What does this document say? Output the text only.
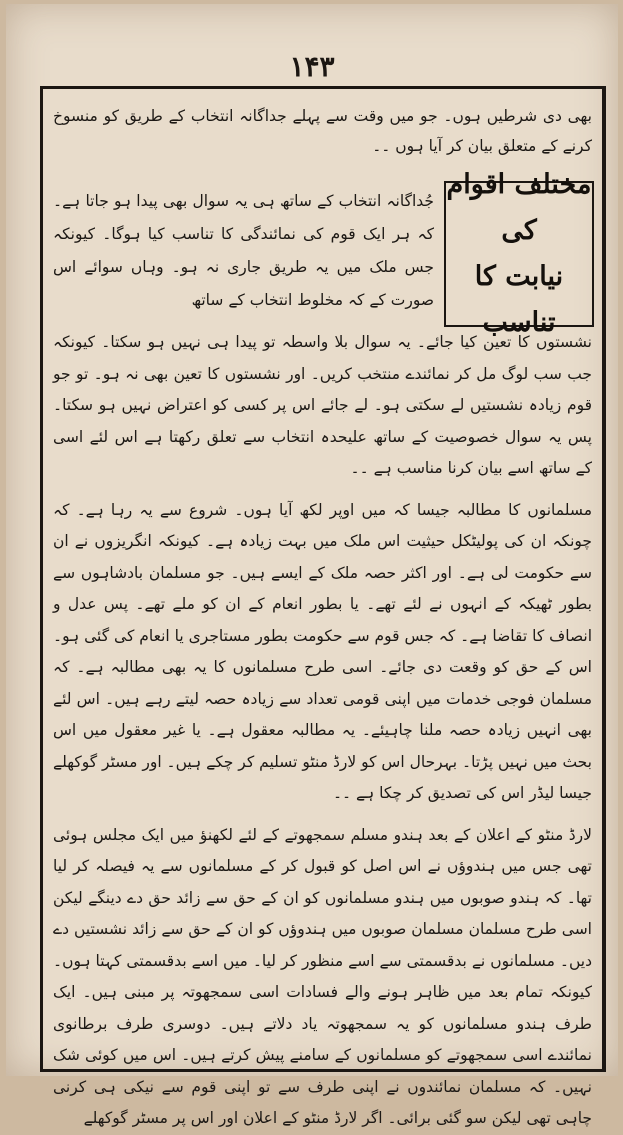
۱۴۳
بھی دی شرطیں ہوں۔ جو میں وقت سے پہلے جداگانہ انتخاب کے طریق کو منسوخ کرنے کے متعلق بیان کر آیا ہوں ۔۔
مختلف اقوام کی
نیابت کا تناسب
جُداگانہ انتخاب کے ساتھ ہی یہ سوال بھی پیدا ہو جاتا ہے۔ کہ ہر ایک قوم کی نمائندگی کا تناسب کیا ہوگا۔ کیونکہ جس ملک میں یہ طریق جاری نہ ہو۔ وہاں سوائے اس صورت کے کہ مخلوط انتخاب کے ساتھ

نشستوں کا تعین کیا جائے۔ یہ سوال بلا واسطہ تو پیدا ہی نہیں ہو سکتا۔ کیونکہ جب سب لوگ مل کر نمائندے منتخب کریں۔ اور نشستوں کا تعین بھی نہ ہو۔ تو جو قوم زیادہ نشستیں لے سکتی ہو۔ لے جائے اس پر کسی کو اعتراض نہیں ہو سکتا۔ پس یہ سوال خصوصیت کے ساتھ علیحدہ انتخاب سے تعلق رکھتا ہے اس لئے اسی کے ساتھ اسے بیان کرنا مناسب ہے ۔۔

مسلمانوں کا مطالبہ جیسا کہ میں اوپر لکھ آیا ہوں۔ شروع سے یہ رہا ہے۔ کہ چونکہ ان کی پولیٹکل حیثیت اس ملک میں بہت زیادہ ہے۔ کیونکہ انگریزوں نے ان سے حکومت لی ہے۔ اور اکثر حصہ ملک کے ایسے ہیں۔ جو مسلمان بادشاہوں سے بطور ٹھیکہ کے انہوں نے لئے تھے۔ یا بطور انعام کے ان کو ملے تھے۔ پس عدل و انصاف کا تقاضا ہے۔ کہ جس قوم سے حکومت بطور مستاجری یا انعام کی گئی ہو۔ اس کے حق کو وقعت دی جائے۔ اسی طرح مسلمانوں کا یہ بھی مطالبہ ہے۔ کہ مسلمان فوجی خدمات میں اپنی قومی تعداد سے زیادہ حصہ لیتے رہے ہیں۔ اس لئے بھی انہیں زیادہ حصہ ملنا چاہیئے۔ یہ مطالبہ معقول ہے۔ یا غیر معقول میں اس بحث میں نہیں پڑتا۔ بہرحال اس کو لارڈ منٹو تسلیم کر چکے ہیں۔ اور مسٹر گوکھلے جیسا لیڈر اس کی تصدیق کر چکا ہے ۔۔

لارڈ منٹو کے اعلان کے بعد ہندو مسلم سمجھوتے کے لئے لکھنؤ میں ایک مجلس ہوئی تھی جس میں ہندوؤں نے اس اصل کو قبول کر کے مسلمانوں سے یہ فیصلہ کر لیا تھا۔ کہ ہندو صوبوں میں ہندو مسلمانوں کو ان کے حق سے زائد حق دے دینگے لیکن اسی طرح مسلمان مسلمان صوبوں میں ہندوؤں کو ان کے حق سے زائد نشستیں دے دیں۔ مسلمانوں نے بدقسمتی سے اسے منظور کر لیا۔ میں اسے بدقسمتی کہتا ہوں۔ کیونکہ تمام بعد میں ظاہر ہونے والے فسادات اسی سمجھوتہ پر مبنی ہیں۔ ایک طرف ہندو مسلمانوں کو یہ سمجھوتہ یاد دلاتے ہیں۔ دوسری طرف برطانوی نمائندے اسی سمجھوتے کو مسلمانوں کے سامنے پیش کرتے ہیں۔ اس میں کوئی شک نہیں۔ کہ مسلمان نمائندوں نے اپنی طرف سے تو اپنی قوم سے نیکی ہی کرنی چاہی تھی لیکن سو گئی برائی۔ اگر لارڈ منٹو کے اعلان اور اس پر مسٹر گوکھلے
